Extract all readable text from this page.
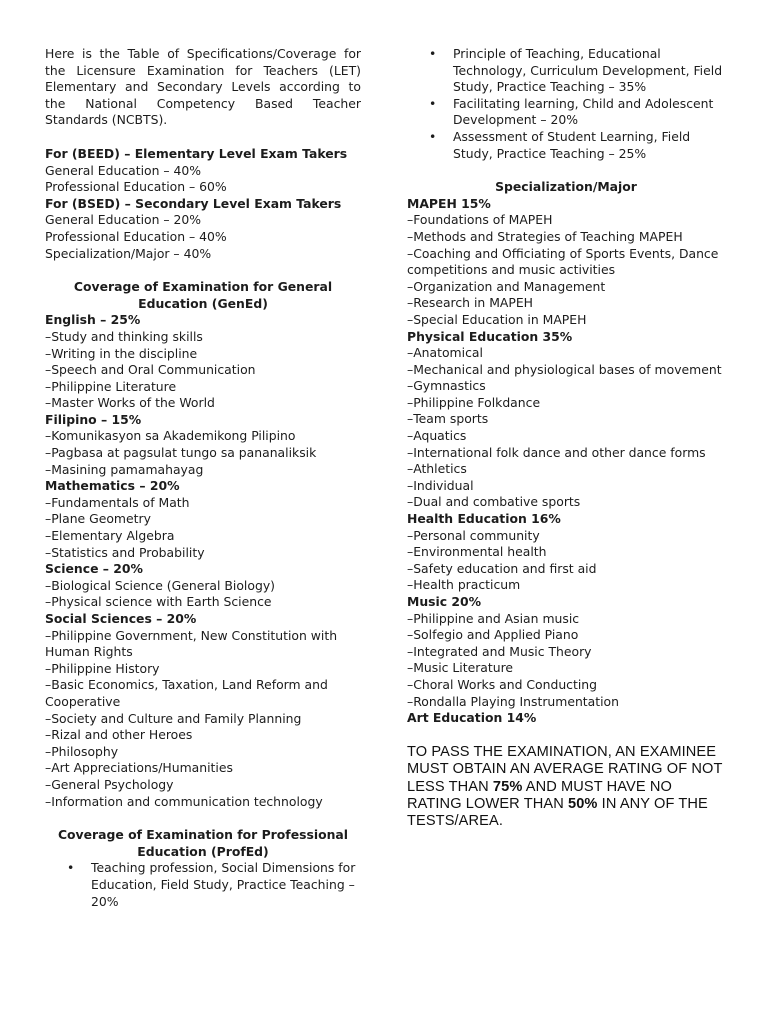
Here is the Table of Specifications/Coverage for the Licensure Examination for Teachers (LET) Elementary and Secondary Levels according to the National Competency Based Teacher Standards (NCBTS).

For (BEED) – Elementary Level Exam Takers
General Education – 40%
Professional Education – 60%
For (BSED) – Secondary Level Exam Takers
General Education – 20%
Professional Education – 40%
Specialization/Major – 40%
Coverage of Examination for General Education (GenEd)
English – 25%
–Study and thinking skills
–Writing in the discipline
–Speech and Oral Communication
–Philippine Literature
–Master Works of the World
Filipino – 15%
–Komunikasyon sa Akademikong Pilipino
–Pagbasa at pagsulat tungo sa pananaliksik
–Masining pamamahayag
Mathematics – 20%
–Fundamentals of Math
–Plane Geometry
–Elementary Algebra
–Statistics and Probability
Science – 20%
–Biological Science (General Biology)
–Physical science with Earth Science
Social Sciences – 20%
–Philippine Government, New Constitution with Human Rights
–Philippine History
–Basic Economics, Taxation, Land Reform and Cooperative
–Society and Culture and Family Planning
–Rizal and other Heroes
–Philosophy
–Art Appreciations/Humanities
–General Psychology
–Information and communication technology
Coverage of Examination for Professional Education (ProfEd)
• Teaching profession, Social Dimensions for Education, Field Study, Practice Teaching – 20%
• Principle of Teaching, Educational Technology, Curriculum Development, Field Study, Practice Teaching – 35%
• Facilitating learning, Child and Adolescent Development – 20%
• Assessment of Student Learning, Field Study, Practice Teaching – 25%
Specialization/Major
MAPEH 15%
–Foundations of MAPEH
–Methods and Strategies of Teaching MAPEH
–Coaching and Officiating of Sports Events, Dance competitions and music activities
–Organization and Management
–Research in MAPEH
–Special Education in MAPEH
Physical Education 35%
–Anatomical
–Mechanical and physiological bases of movement
–Gymnastics
–Philippine Folkdance
–Team sports
–Aquatics
–International folk dance and other dance forms
–Athletics
–Individual
–Dual and combative sports
Health Education 16%
–Personal community
–Environmental health
–Safety education and first aid
–Health practicum
Music 20%
–Philippine and Asian music
–Solfegio and Applied Piano
–Integrated and Music Theory
–Music Literature
–Choral Works and Conducting
–Rondalla Playing Instrumentation
Art Education 14%
TO PASS THE EXAMINATION, AN EXAMINEE MUST OBTAIN AN AVERAGE RATING OF NOT LESS THAN 75% AND MUST HAVE NO RATING LOWER THAN 50% IN ANY OF THE TESTS/AREA.
